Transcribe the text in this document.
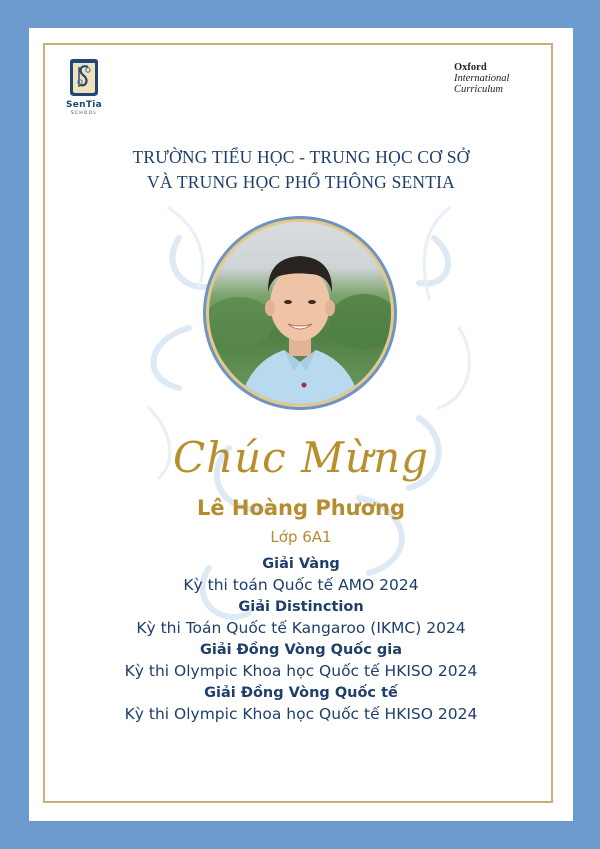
SenTia
SCHOOL
Oxford
International
Curriculum
TRƯỜNG TIỂU HỌC - TRUNG HỌC CƠ SỞ
VÀ TRUNG HỌC PHỔ THÔNG SENTIA
Chúc Mừng
Lê Hoàng Phương
Lớp 6A1
Giải Vàng
Kỳ thi toán Quốc tế AMO 2024
Giải Distinction
Kỳ thi Toán Quốc tế Kangaroo (IKMC) 2024
Giải Đồng Vòng Quốc gia
Kỳ thi Olympic Khoa học Quốc tế HKISO 2024
Giải Đồng Vòng Quốc tế
Kỳ thi Olympic Khoa học Quốc tế HKISO 2024
